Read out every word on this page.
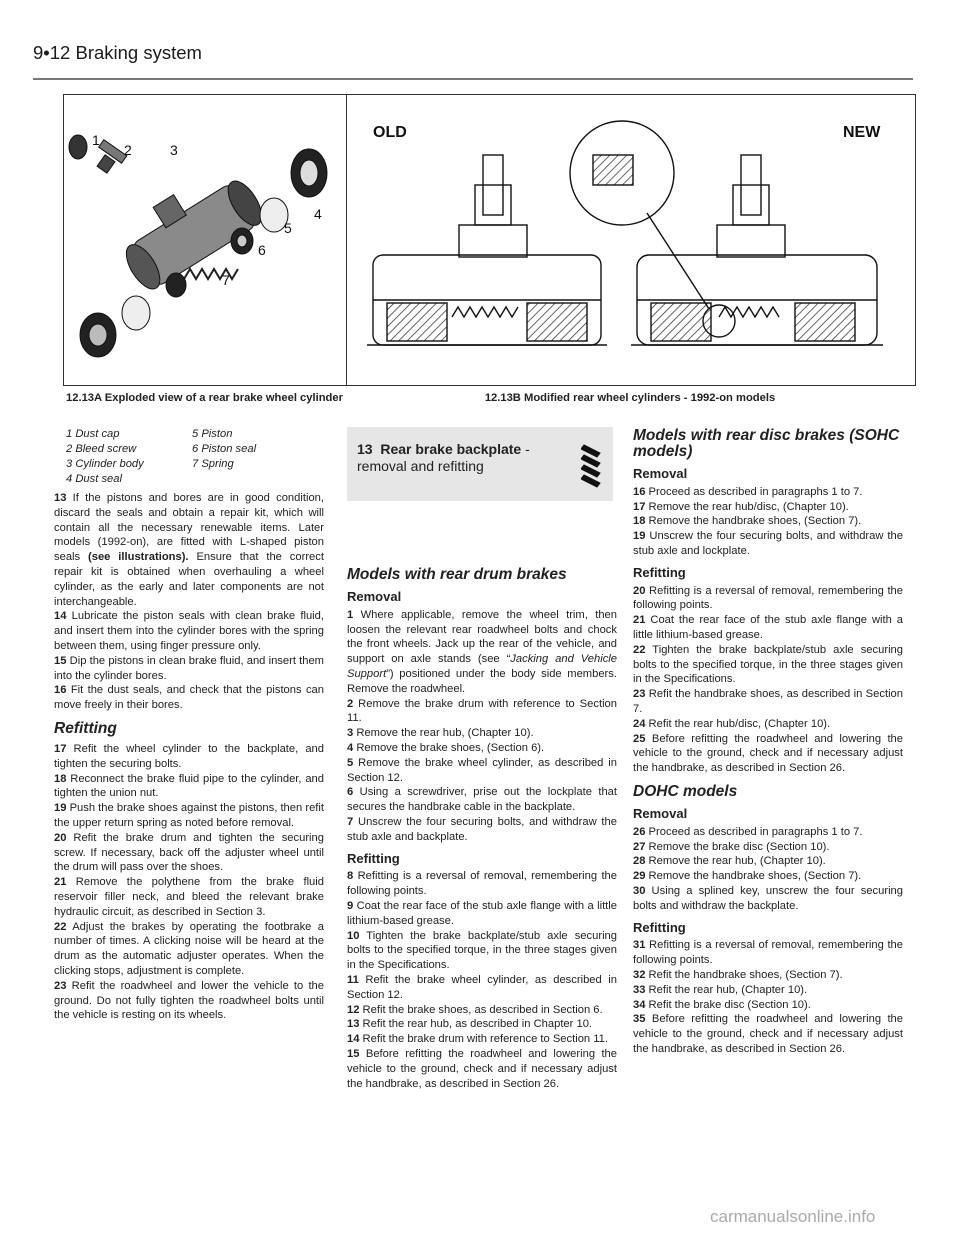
9•12 Braking system
1
2	3
4
5
6
7
OLD	NEW
12.13A Exploded view of a rear brake wheel cylinder	12.13B Modified rear wheel cylinders - 1992-on models
1 Dust cap	5 Piston
2 Bleed screw	6 Piston seal
3 Cylinder body	7 Spring
4 Dust seal

13 If the pistons and bores are in good condition, discard the seals and obtain a repair kit, which will contain all the necessary renewable items. Later models (1992-on), are fitted with L-shaped piston seals (see illustrations). Ensure that the correct repair kit is obtained when overhauling a wheel cylinder, as the early and later components are not interchangeable.

14 Lubricate the piston seals with clean brake fluid, and insert them into the cylinder bores with the spring between them, using finger pressure only.

15 Dip the pistons in clean brake fluid, and insert them into the cylinder bores.

16 Fit the dust seals, and check that the pistons can move freely in their bores.

Refitting

17 Refit the wheel cylinder to the backplate, and tighten the securing bolts.

18 Reconnect the brake fluid pipe to the cylinder, and tighten the union nut.

19 Push the brake shoes against the pistons, then refit the upper return spring as noted before removal.

20 Refit the brake drum and tighten the securing screw. If necessary, back off the adjuster wheel until the drum will pass over the shoes.

21 Remove the polythene from the brake fluid reservoir filler neck, and bleed the relevant brake hydraulic circuit, as described in Section 3.

22 Adjust the brakes by operating the footbrake a number of times. A clicking noise will be heard at the drum as the automatic adjuster operates. When the clicking stops, adjustment is complete.

23 Refit the roadwheel and lower the vehicle to the ground. Do not fully tighten the roadwheel bolts until the vehicle is resting on its wheels.

13 Rear brake backplate -
removal and refitting
Models with rear drum brakes
Removal

1 Where applicable, remove the wheel trim, then loosen the relevant rear roadwheel bolts and chock the front wheels. Jack up the rear of the vehicle, and support on axle stands (see “Jacking and Vehicle Support”) positioned under the body side members. Remove the roadwheel.

2 Remove the brake drum with reference to Section 11.

3 Remove the rear hub, (Chapter 10).

4 Remove the brake shoes, (Section 6).

5 Remove the brake wheel cylinder, as described in Section 12.

6 Using a screwdriver, prise out the lockplate that secures the handbrake cable in the backplate.

7 Unscrew the four securing bolts, and withdraw the stub axle and backplate.

Refitting

8 Refitting is a reversal of removal, remembering the following points.

9 Coat the rear face of the stub axle flange with a little lithium-based grease.

10 Tighten the brake backplate/stub axle securing bolts to the specified torque, in the three stages given in the Specifications.

11 Refit the brake wheel cylinder, as described in Section 12.

12 Refit the brake shoes, as described in Section 6.

13 Refit the rear hub, as described in Chapter 10.

14 Refit the brake drum with reference to Section 11.

15 Before refitting the roadwheel and lowering the vehicle to the ground, check and if necessary adjust the handbrake, as described in Section 26.

Models with rear disc brakes (SOHC models)
Removal

16 Proceed as described in paragraphs 1 to 7.

17 Remove the rear hub/disc, (Chapter 10).

18 Remove the handbrake shoes, (Section 7).

19 Unscrew the four securing bolts, and withdraw the stub axle and lockplate.

Refitting

20 Refitting is a reversal of removal, remembering the following points.

21 Coat the rear face of the stub axle flange with a little lithium-based grease.

22 Tighten the brake backplate/stub axle securing bolts to the specified torque, in the three stages given in the Specifications.

23 Refit the handbrake shoes, as described in Section 7.

24 Refit the rear hub/disc, (Chapter 10).

25 Before refitting the roadwheel and lowering the vehicle to the ground, check and if necessary adjust the handbrake, as described in Section 26.

DOHC models
Removal

26 Proceed as described in paragraphs 1 to 7.

27 Remove the brake disc (Section 10).

28 Remove the rear hub, (Chapter 10).

29 Remove the handbrake shoes, (Section 7).

30 Using a splined key, unscrew the four securing bolts and withdraw the backplate.

Refitting

31 Refitting is a reversal of removal, remembering the following points.

32 Refit the handbrake shoes, (Section 7).

33 Refit the rear hub, (Chapter 10).

34 Refit the brake disc (Section 10).

35 Before refitting the roadwheel and lowering the vehicle to the ground, check and if necessary adjust the handbrake, as described in Section 26.

carmanualsonline.info
